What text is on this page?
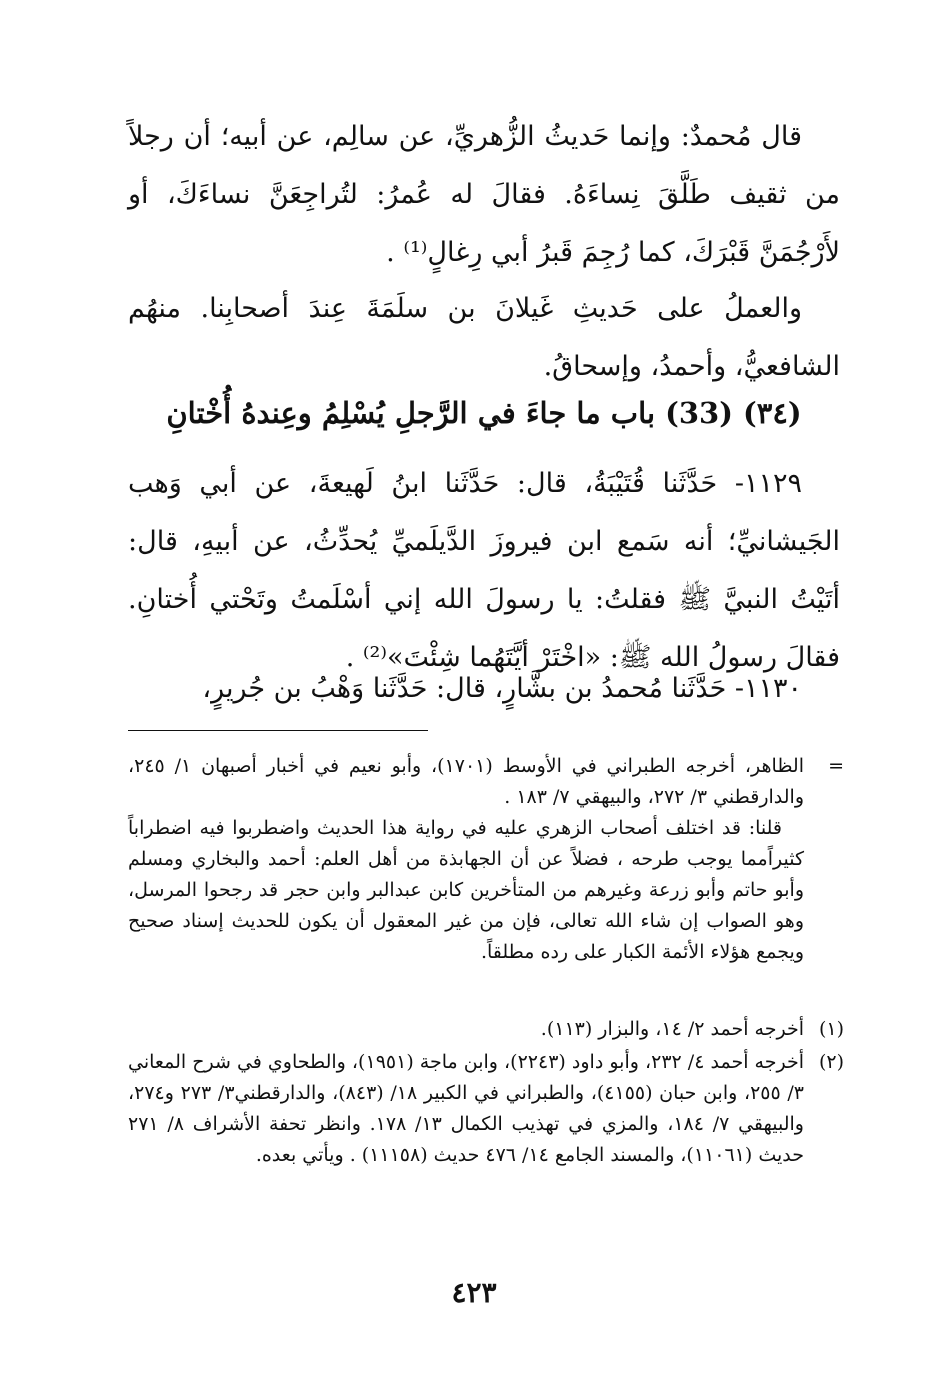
قال مُحمدٌ: وإنما حَديثُ الزُّهريِّ، عن سالِم، عن أبيه؛ أن رجلاً من ثقيف طَلَّقَ نِساءَهُ. فقالَ له عُمرُ: لتُراجِعَنَّ نساءَكَ، أو لأَرْجُمَنَّ قَبْرَكَ، كما رُجِمَ قَبرُ أبي رِغالٍ⁽¹⁾ .

والعملُ على حَديثِ غَيلانَ بن سلَمَةَ عِندَ أصحابِنا. منهُم الشافعيُّ، وأحمدُ، وإسحاقُ.

(٣٤) (33) باب ما جاءَ في الرَّجلِ يُسْلِمُ وعِندهُ أُخْتانِ

١١٢٩- حَدَّثَنا قُتَيْبَةُ، قال: حَدَّثَنا ابنُ لَهيعةَ، عن أبي وَهب الجَيشانيِّ؛ أنه سَمع ابن فيروزَ الدَّيلَميِّ يُحدِّثُ، عن أبيهِ، قال: أتَيْتُ النبيَّ ﷺ فقلتُ: يا رسولَ الله إني أسْلَمتُ وتَحْتي أُختانِ. فقالَ رسولُ الله ﷺ: «اخْتَرْ أيَّتَهُما شِئْتَ»⁽²⁾ .

١١٣٠- حَدَّثَنا مُحمدُ بن بشَّارٍ، قال: حَدَّثَنا وَهْبُ بن جُريرٍ،

=

الظاهر، أخرجه الطبراني في الأوسط (١٧٠١)، وأبو نعيم في أخبار أصبهان ١/ ٢٤٥، والدارقطني ٣/ ٢٧٢، والبيهقي ٧/ ١٨٣ .

قلنا: قد اختلف أصحاب الزهري عليه في رواية هذا الحديث واضطربوا فيه اضطراباً كثيراًمما يوجب طرحه ، فضلاً عن أن الجهابذة من أهل العلم: أحمد والبخاري ومسلم وأبو حاتم وأبو زرعة وغيرهم من المتأخرين كابن عبدالبر وابن حجر قد رجحوا المرسل، وهو الصواب إن شاء الله تعالى، فإن من غير المعقول أن يكون للحديث إسناد صحيح ويجمع هؤلاء الأئمة الكبار على رده مطلقاً.

(١)

أخرجه أحمد ٢/ ١٤، والبزار (١١٣).

(٢)

أخرجه أحمد ٤/ ٢٣٢، وأبو داود (٢٢٤٣)، وابن ماجة (١٩٥١)، والطحاوي في شرح المعاني ٣/ ٢٥٥، وابن حبان (٤١٥٥)، والطبراني في الكبير ١٨/ (٨٤٣)، والدارقطني٣/ ٢٧٣ و٢٧٤، والبيهقي ٧/ ١٨٤، والمزي في تهذيب الكمال ١٣/ ١٧٨. وانظر تحفة الأشراف ٨/ ٢٧١ حديث (١١٠٦١)، والمسند الجامع ١٤/ ٤٧٦ حديث (١١١٥٨) . ويأتي بعده.

٤٢٣
